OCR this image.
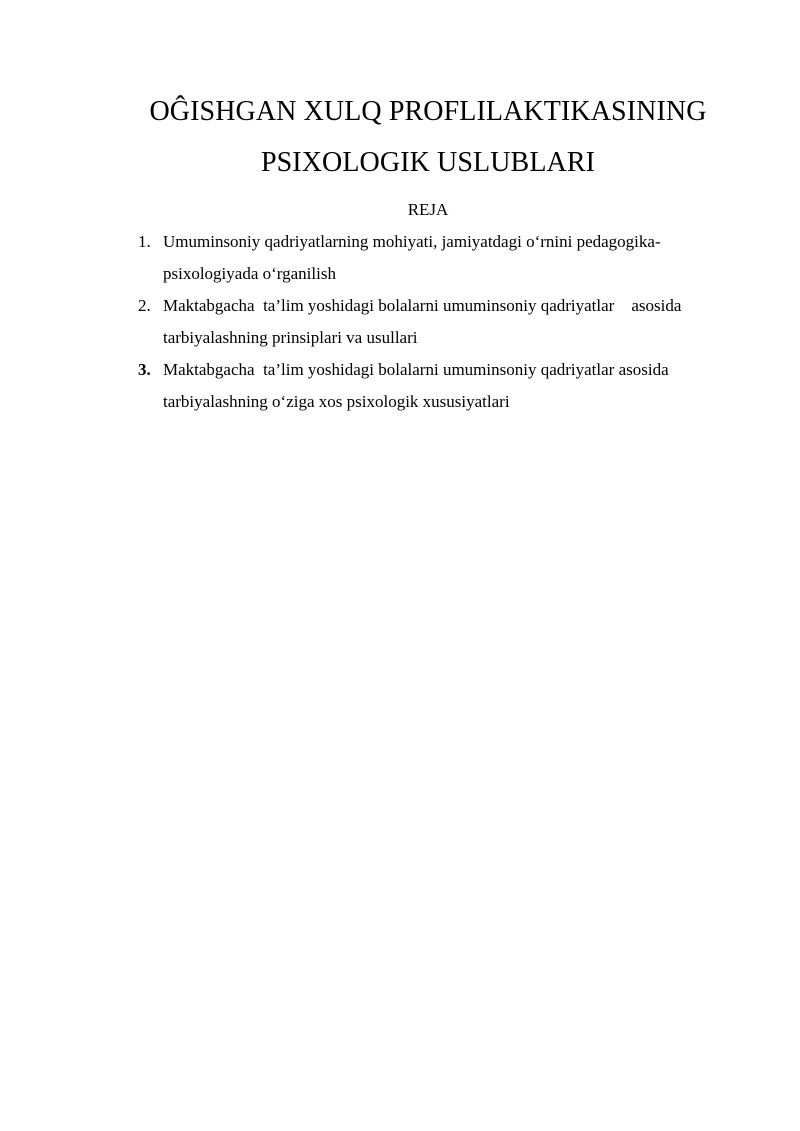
OĜISHGAN XULQ PROFLILAKTIKASINING
PSIXOLOGIK USLUBLARI
REJA
1. Umuminsoniy qadriyatlarning mohiyati, jamiyatdagi o‘rnini pedagogika-
psixologiyada o‘rganilish
2. Maktabgacha  ta’lim yoshidagi bolalarni umuminsoniy qadriyatlar    asosida
tarbiyalashning prinsiplari va usullari
3. Maktabgacha  ta’lim yoshidagi bolalarni umuminsoniy qadriyatlar asosida
tarbiyalashning o‘ziga xos psixologik xususiyatlari
